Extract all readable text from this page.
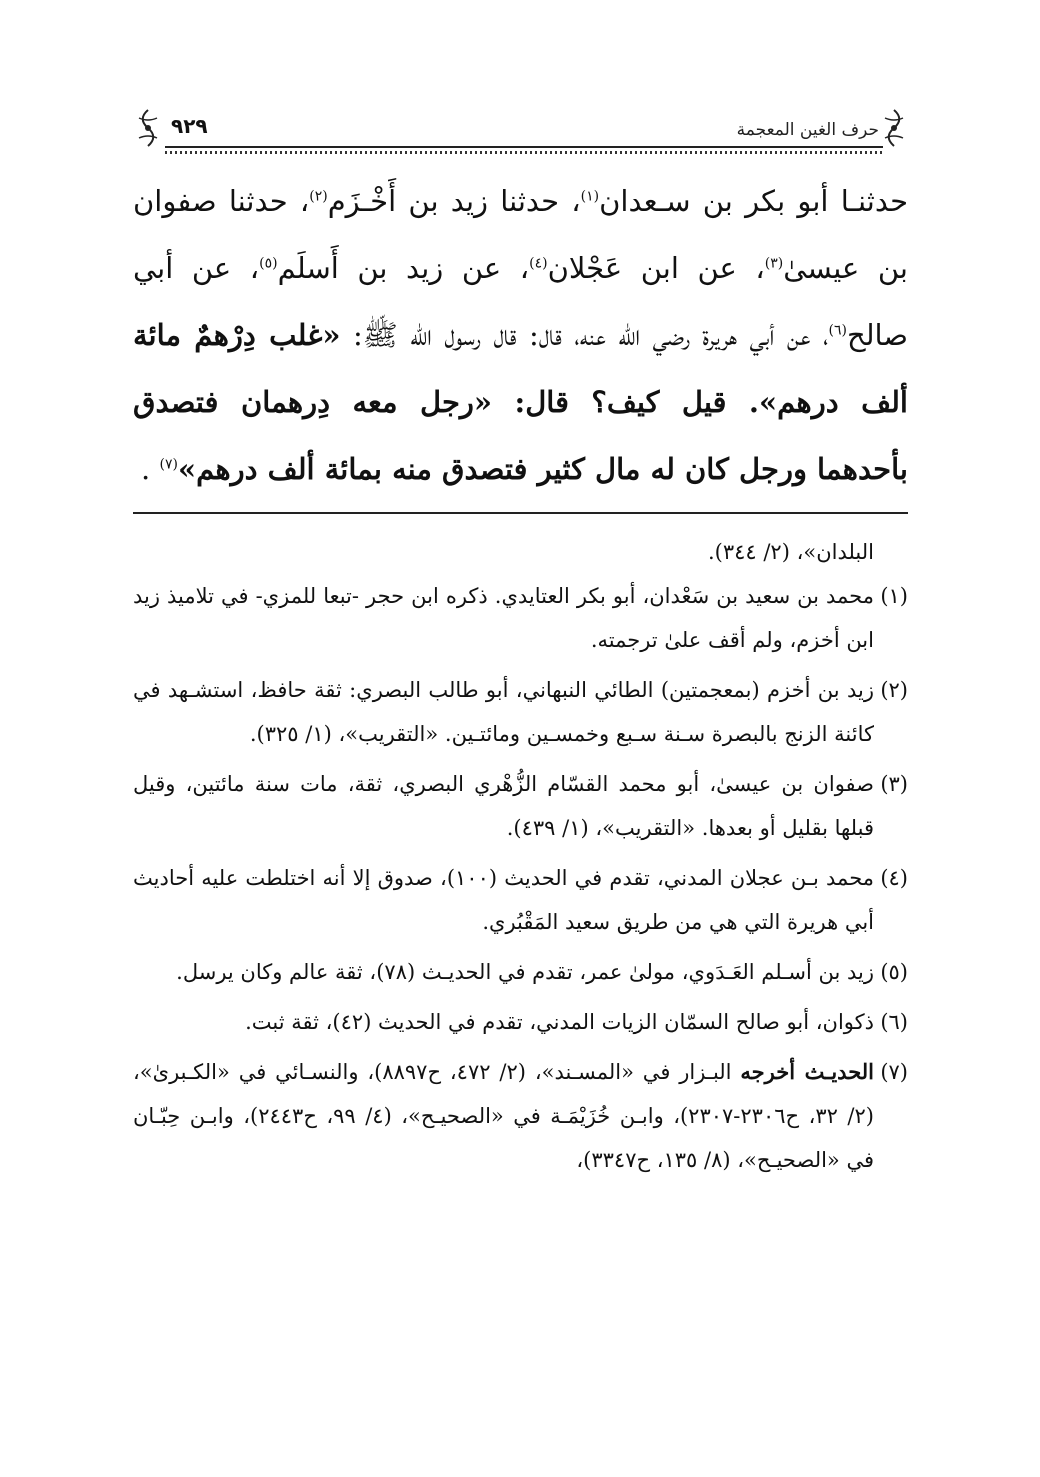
حرف الغين المعجمة
٩٢٩

حدثنـا أبو بكر بن سـعدان$^{(١)}$، حدثنا زيد بن أَخْـزَم$^{(٢)}$، حدثنا صفوان بن عيسىٰ$^{(٣)}$، عن ابن عَجْلان$^{(٤)}$، عن زيد بن أَسلَم$^{(٥)}$، عن أبي صالح$^{(٦)}$، عن أبي هريرة رضي الله عنه، قال: قال رسول الله ﷺ: «غلب دِرْهمٌ مائة ألف درهم». قيل كيف؟ قال: «رجل معه دِرهمان فتصدق بأحدهما ورجل كان له مال كثير فتصدق منه بمائة ألف درهم»$^{(٧)}$ .

البلدان»، (٢/ ٣٤٤).

(١)
محمد بن سعيد بن سَعْدان، أبو بكر العتايدي. ذكره ابن حجر -تبعا للمزي- في تلاميذ زيد ابن أخزم، ولم أقف علىٰ ترجمته.
(٢)
زيد بن أخزم (بمعجمتين) الطائي النبهاني، أبو طالب البصري: ثقة حافظ، استشـهد في كائنة الزنج بالبصرة سـنة سـبع وخمسـين ومائتـين. «التقريب»، (١/ ٣٢٥).
(٣)
صفوان بن عيسىٰ، أبو محمد القسّام الزُّهْري البصري، ثقة، مات سنة مائتين، وقيل قبلها بقليل أو بعدها. «التقريب»، (١/ ٤٣٩).
(٤)
محمد بـن عجلان المدني، تقدم في الحديث (١٠٠)، صدوق إلا أنه اختلطت عليه أحاديث أبي هريرة التي هي من طريق سعيد المَقْبُري.
(٥)
زيد بن أسـلم العَـدَوي، مولىٰ عمر، تقدم في الحديـث (٧٨)، ثقة عالم وكان يرسل.
(٦)
ذكوان، أبو صالح السمّان الزيات المدني، تقدم في الحديث (٤٢)، ثقة ثبت.
(٧)
الحديـث أخرجه البـزار في «المسـند»، (٢/ ٤٧٢، ح٨٨٩٧)، والنسـائي في «الكـبرىٰ»، (٢/ ٣٢، ح٢٣٠٦-٢٣٠٧)، وابـن خُزَيْمَـة في «الصحيـح»، (٤/ ٩٩، ح٢٤٤٣)، وابـن حِبّـان في «الصحيـح»، (٨/ ١٣٥، ح٣٣٤٧)،
